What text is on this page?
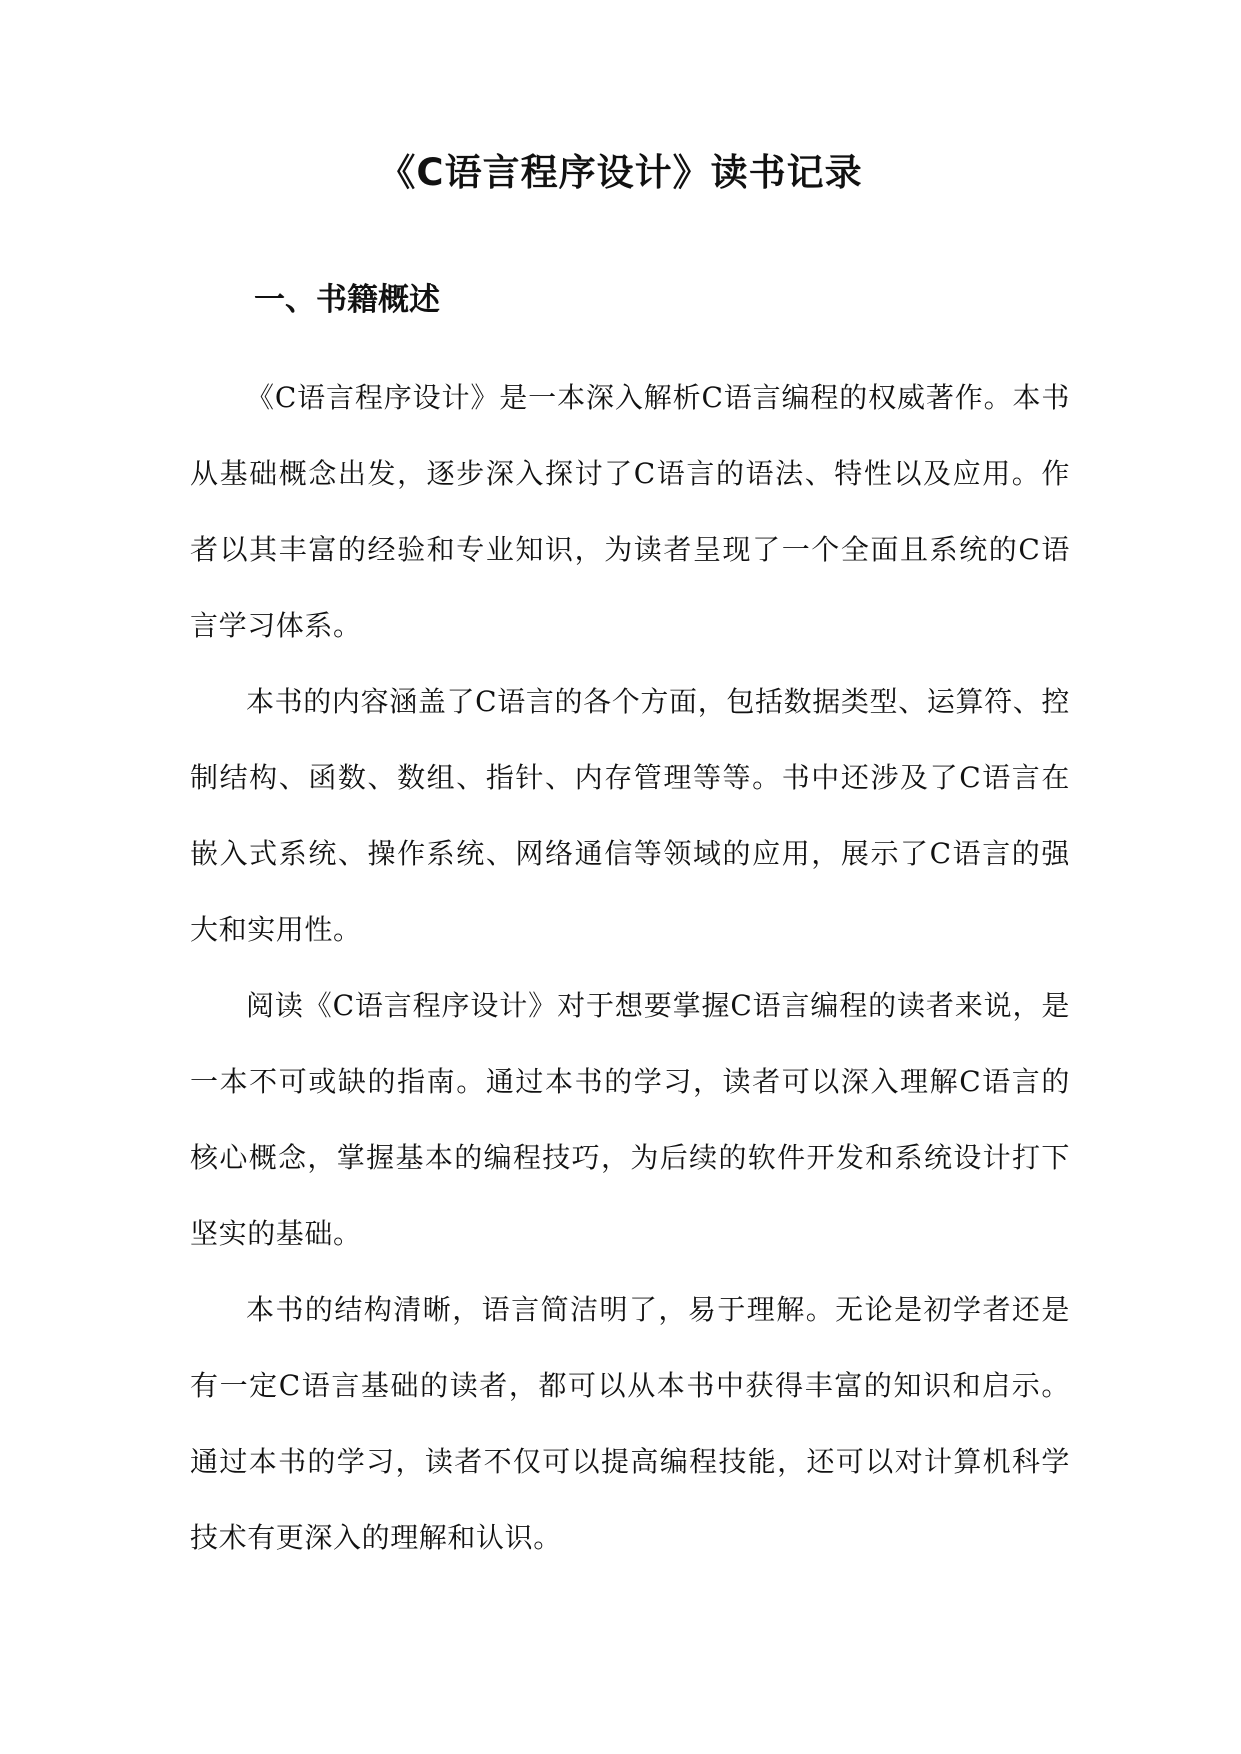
《C语言程序设计》读书记录
一、书籍概述

《C语言程序设计》是一本深入解析C语言编程的权威著作。本书从基础概念出发，逐步深入探讨了C语言的语法、特性以及应用。作者以其丰富的经验和专业知识，为读者呈现了一个全面且系统的C语言学习体系。

本书的内容涵盖了C语言的各个方面，包括数据类型、运算符、控制结构、函数、数组、指针、内存管理等等。书中还涉及了C语言在嵌入式系统、操作系统、网络通信等领域的应用，展示了C语言的强大和实用性。

阅读《C语言程序设计》对于想要掌握C语言编程的读者来说，是一本不可或缺的指南。通过本书的学习，读者可以深入理解C语言的核心概念，掌握基本的编程技巧，为后续的软件开发和系统设计打下坚实的基础。

本书的结构清晰，语言简洁明了，易于理解。无论是初学者还是有一定C语言基础的读者，都可以从本书中获得丰富的知识和启示。通过本书的学习，读者不仅可以提高编程技能，还可以对计算机科学技术有更深入的理解和认识。
